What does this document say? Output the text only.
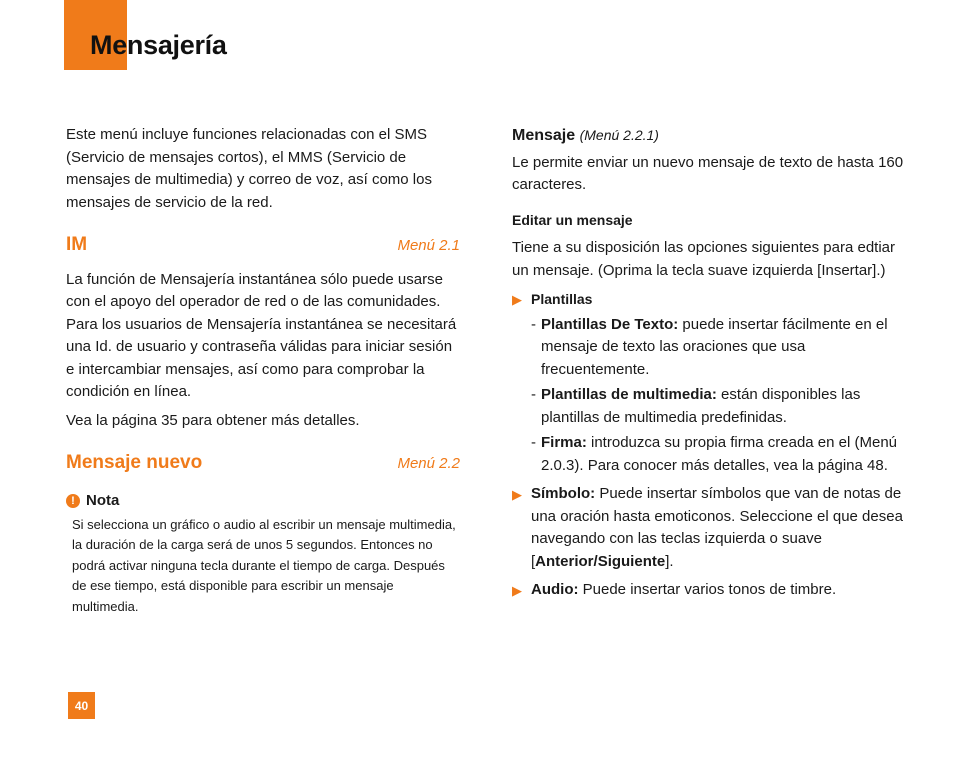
Mensajería

Este menú incluye funciones relacionadas con el SMS (Servicio de mensajes cortos), el MMS (Servicio de mensajes de multimedia) y correo de voz, así como los mensajes de servicio de la red.

IM	Menú 2.1

La función de Mensajería instantánea sólo puede usarse con el apoyo del operador de red o de las comunidades. Para los usuarios de Mensajería instantánea se necesitará una Id. de usuario y contraseña válidas para iniciar sesión e intercambiar mensajes, así como para comprobar la condición en línea.

Vea la página 35 para obtener más detalles.

Mensaje nuevo	Menú 2.2
! Nota

Si selecciona un gráfico o audio al escribir un mensaje multimedia, la duración de la carga será de unos 5 segundos. Entonces no podrá activar ninguna tecla durante el tiempo de carga. Después de ese tiempo, está disponible para escribir un mensaje multimedia.

Mensaje (Menú 2.2.1)

Le permite enviar un nuevo mensaje de texto de hasta 160 caracteres.

Editar un mensaje

Tiene a su disposición las opciones siguientes para edtiar un mensaje. (Oprima la tecla suave izquierda [Insertar].)

▶ Plantillas
- Plantillas De Texto: puede insertar fácilmente en el mensaje de texto las oraciones que usa frecuentemente.

- Plantillas de multimedia: están disponibles las plantillas de multimedia predefinidas.

- Firma: introduzca su propia firma creada en el (Menú 2.0.3). Para conocer más detalles, vea la página 48.

▶ Símbolo: Puede insertar símbolos que van de notas de una oración hasta emoticonos. Seleccione el que desea navegando con las teclas izquierda o suave [Anterior/Siguiente].

▶ Audio: Puede insertar varios tonos de timbre.

40
